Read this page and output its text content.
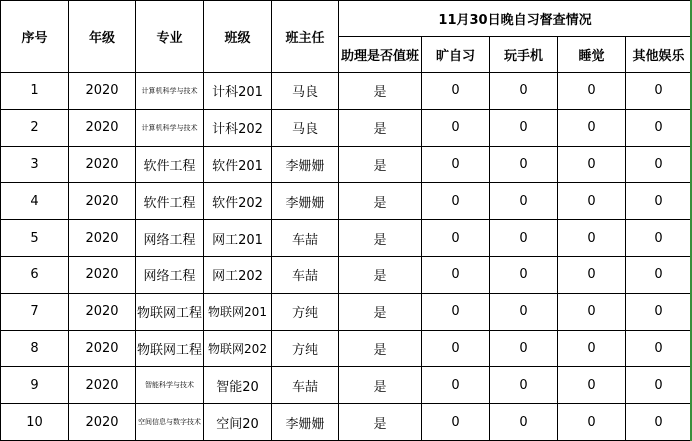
序号	年级	专业	班级	班主任	11月30日晚自习督查情况				
					助理是否值班	旷自习	玩手机	睡觉	其他娱乐
1	2020	计算机科学与技术	计科201	马良	是	0	0	0	0
2	2020	计算机科学与技术	计科202	马良	是	0	0	0	0
3	2020	软件工程	软件201	李姗姗	是	0	0	0	0
4	2020	软件工程	软件202	李姗姗	是	0	0	0	0
5	2020	网络工程	网工201	车喆	是	0	0	0	0
6	2020	网络工程	网工202	车喆	是	0	0	0	0
7	2020	物联网工程	物联网201	方纯	是	0	0	0	0
8	2020	物联网工程	物联网202	方纯	是	0	0	0	0
9	2020	智能科学与技术	智能20	车喆	是	0	0	0	0
10	2020	空间信息与数字技术	空间20	李姗姗	是	0	0	0	0
